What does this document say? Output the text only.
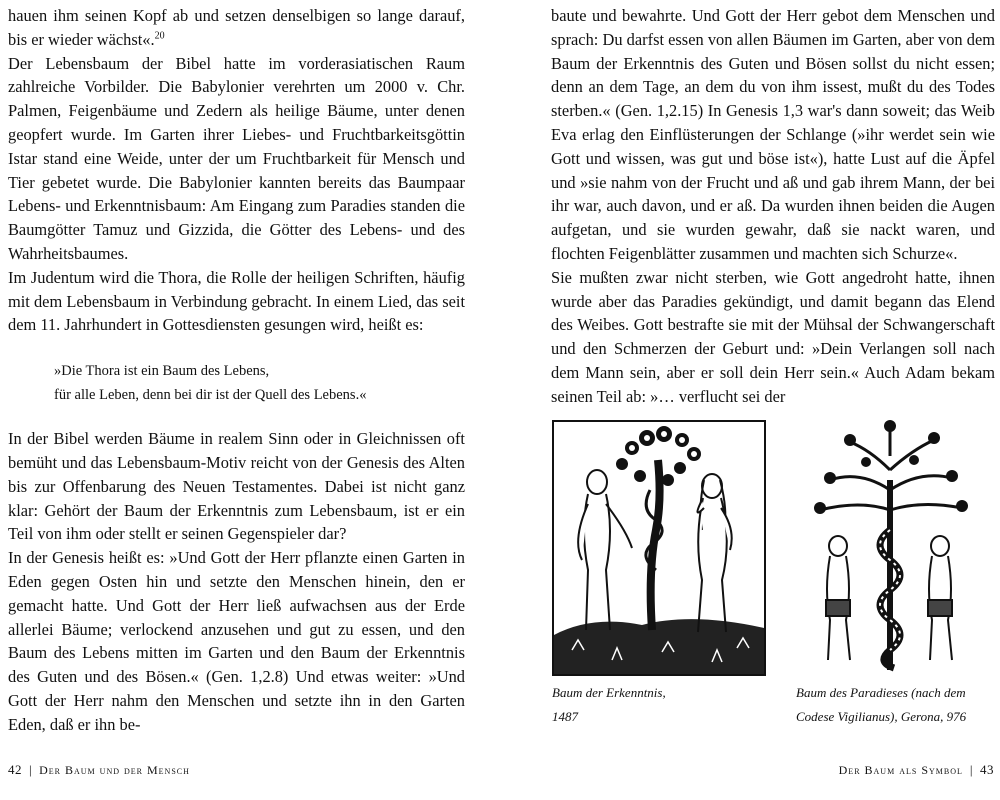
hauen ihm seinen Kopf ab und setzen denselbigen so lange darauf, bis er wieder wächst«.$^{20}$

Der Lebensbaum der Bibel hatte im vorderasiatischen Raum zahlreiche Vorbilder. Die Babylonier verehrten um 2000 v. Chr. Palmen, Feigenbäume und Zedern als heilige Bäume, unter denen geopfert wurde. Im Garten ihrer Liebes- und Fruchtbarkeitsgöttin Istar stand eine Weide, unter der um Fruchtbarkeit für Mensch und Tier gebetet wurde. Die Babylonier kannten bereits das Baumpaar Lebens- und Erkenntnisbaum: Am Eingang zum Paradies standen die Baumgötter Tamuz und Gizzida, die Götter des Lebens- und des Wahrheitsbaumes.

Im Judentum wird die Thora, die Rolle der heiligen Schriften, häufig mit dem Lebensbaum in Verbindung gebracht. In einem Lied, das seit dem 11. Jahrhundert in Gottesdiensten gesungen wird, heißt es:

»Die Thora ist ein Baum des Lebens,
für alle Leben, denn bei dir ist der Quell des Lebens.«

In der Bibel werden Bäume in realem Sinn oder in Gleichnissen oft bemüht und das Lebensbaum-Motiv reicht von der Genesis des Alten bis zur Offenbarung des Neuen Testamentes. Dabei ist nicht ganz klar: Gehört der Baum der Erkenntnis zum Lebensbaum, ist er ein Teil von ihm oder stellt er seinen Gegenspieler dar?

In der Genesis heißt es: »Und Gott der Herr pflanzte einen Garten in Eden gegen Osten hin und setzte den Menschen hinein, den er gemacht hatte. Und Gott der Herr ließ aufwachsen aus der Erde allerlei Bäume; verlockend anzusehen und gut zu essen, und den Baum des Lebens mitten im Garten und den Baum der Erkenntnis des Guten und des Bösen.« (Gen. 1,2.8) Und etwas weiter: »Und Gott der Herr nahm den Menschen und setzte ihn in den Garten Eden, daß er ihn be-

42 | Der Baum und der Mensch

baute und bewahrte. Und Gott der Herr gebot dem Menschen und sprach: Du darfst essen von allen Bäumen im Garten, aber von dem Baum der Erkenntnis des Guten und Bösen sollst du nicht essen; denn an dem Tage, an dem du von ihm issest, mußt du des Todes sterben.« (Gen. 1,2.15) In Genesis 1,3 war's dann soweit; das Weib Eva erlag den Einflüsterungen der Schlange (»ihr werdet sein wie Gott und wissen, was gut und böse ist«), hatte Lust auf die Äpfel und »sie nahm von der Frucht und aß und gab ihrem Mann, der bei ihr war, auch davon, und er aß. Da wurden ihnen beiden die Augen aufgetan, und sie wurden gewahr, daß sie nackt waren, und flochten Feigenblätter zusammen und machten sich Schurze«.

Sie mußten zwar nicht sterben, wie Gott angedroht hatte, ihnen wurde aber das Paradies gekündigt, und damit begann das Elend des Weibes. Gott bestrafte sie mit der Mühsal der Schwangerschaft und den Schmerzen der Geburt und: »Dein Verlangen soll nach dem Mann sein, aber er soll dein Herr sein.« Auch Adam bekam seinen Teil ab: »… verflucht sei der

Baum der Erkenntnis,
1487
Baum des Paradieses (nach dem
Codese Vigilianus), Gerona, 976
Der Baum als Symbol | 43
